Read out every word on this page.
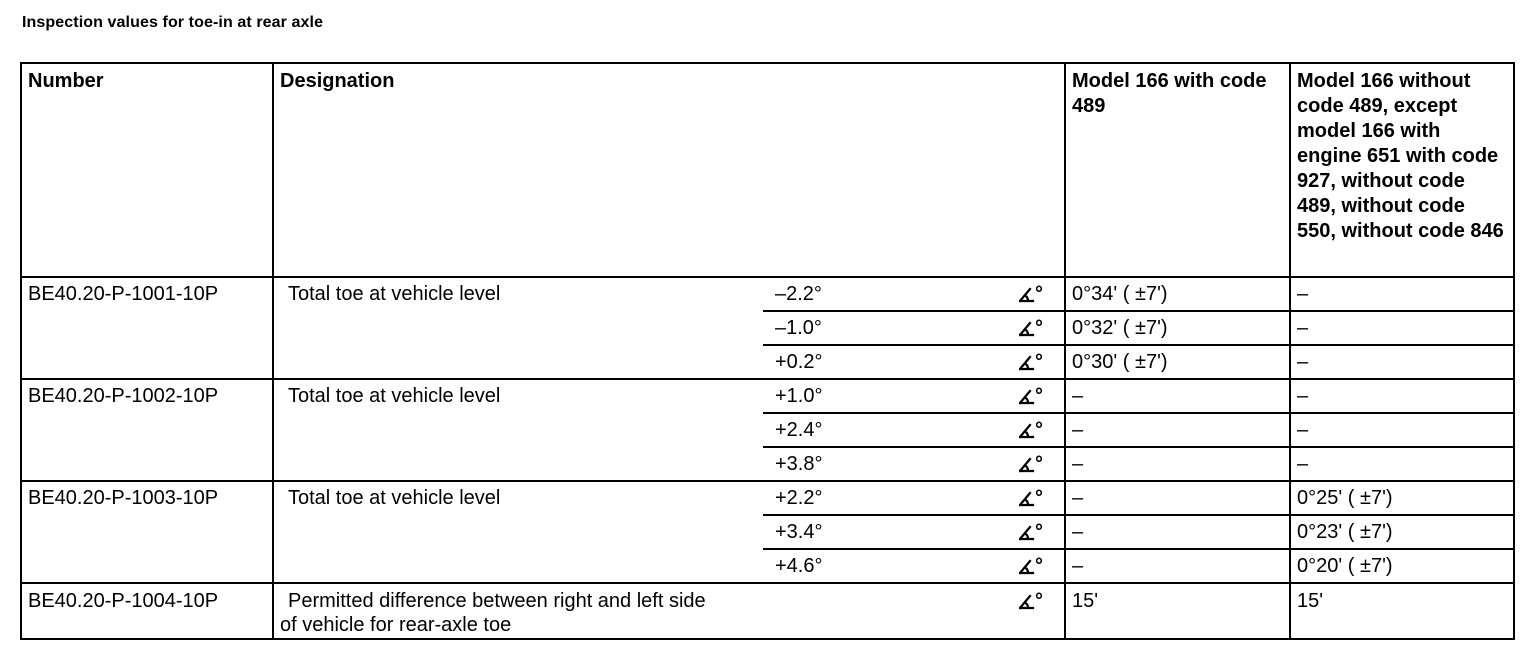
Inspection values for toe-in at rear axle
Number	Designation			Model 166 with code 489	Model 166 without code 489, except model 166 with engine 651 with code 927, without code 489, without code 550, without code 846
BE40.20-P-1001-10P	Total toe at vehicle level	–2.2°	°	0°34' ( ±7')	–
		–1.0°	°	0°32' ( ±7')	–
		+0.2°	°	0°30' ( ±7')	–
BE40.20-P-1002-10P	Total toe at vehicle level	+1.0°	°	–	–
		+2.4°	°	–	–
		+3.8°	°	–	–
BE40.20-P-1003-10P	Total toe at vehicle level	+2.2°	°	–	0°25' ( ±7')
		+3.4°	°	–	0°23' ( ±7')
		+4.6°	°	–	0°20' ( ±7')
BE40.20-P-1004-10P	Permitted difference between right and left side
of vehicle for rear-axle toe		°	15'	15'
